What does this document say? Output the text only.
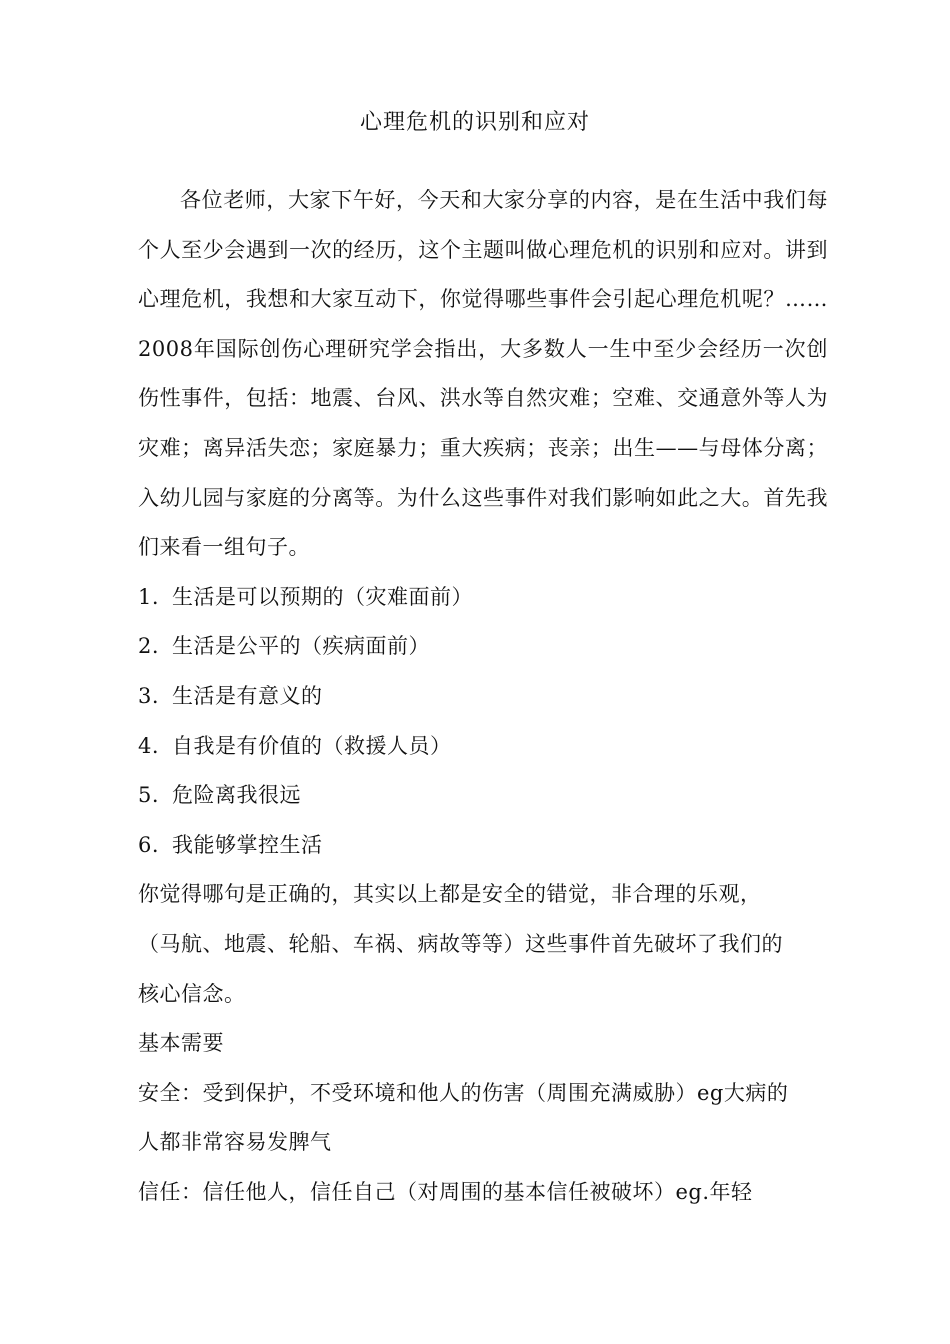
心理危机的识别和应对

各位老师，大家下午好，今天和大家分享的内容，是在生活中我们每个人至少会遇到一次的经历，这个主题叫做心理危机的识别和应对。讲到心理危机，我想和大家互动下，你觉得哪些事件会引起心理危机呢？……2008年国际创伤心理研究学会指出，大多数人一生中至少会经历一次创伤性事件，包括：地震、台风、洪水等自然灾难；空难、交通意外等人为灾难；离异活失恋；家庭暴力；重大疾病；丧亲；出生——与母体分离；入幼儿园与家庭的分离等。为什么这些事件对我们影响如此之大。首先我们来看一组句子。

1. 生活是可以预期的（灾难面前）

2. 生活是公平的（疾病面前）

3. 生活是有意义的

4. 自我是有价值的（救援人员）

5. 危险离我很远

6. 我能够掌控生活

你觉得哪句是正确的，其实以上都是安全的错觉，非合理的乐观，

（马航、地震、轮船、车祸、病故等等）这些事件首先破坏了我们的

核心信念。

基本需要

安全：受到保护，不受环境和他人的伤害（周围充满威胁）eg大病的

人都非常容易发脾气

信任：信任他人，信任自己（对周围的基本信任被破坏）eg.年轻
